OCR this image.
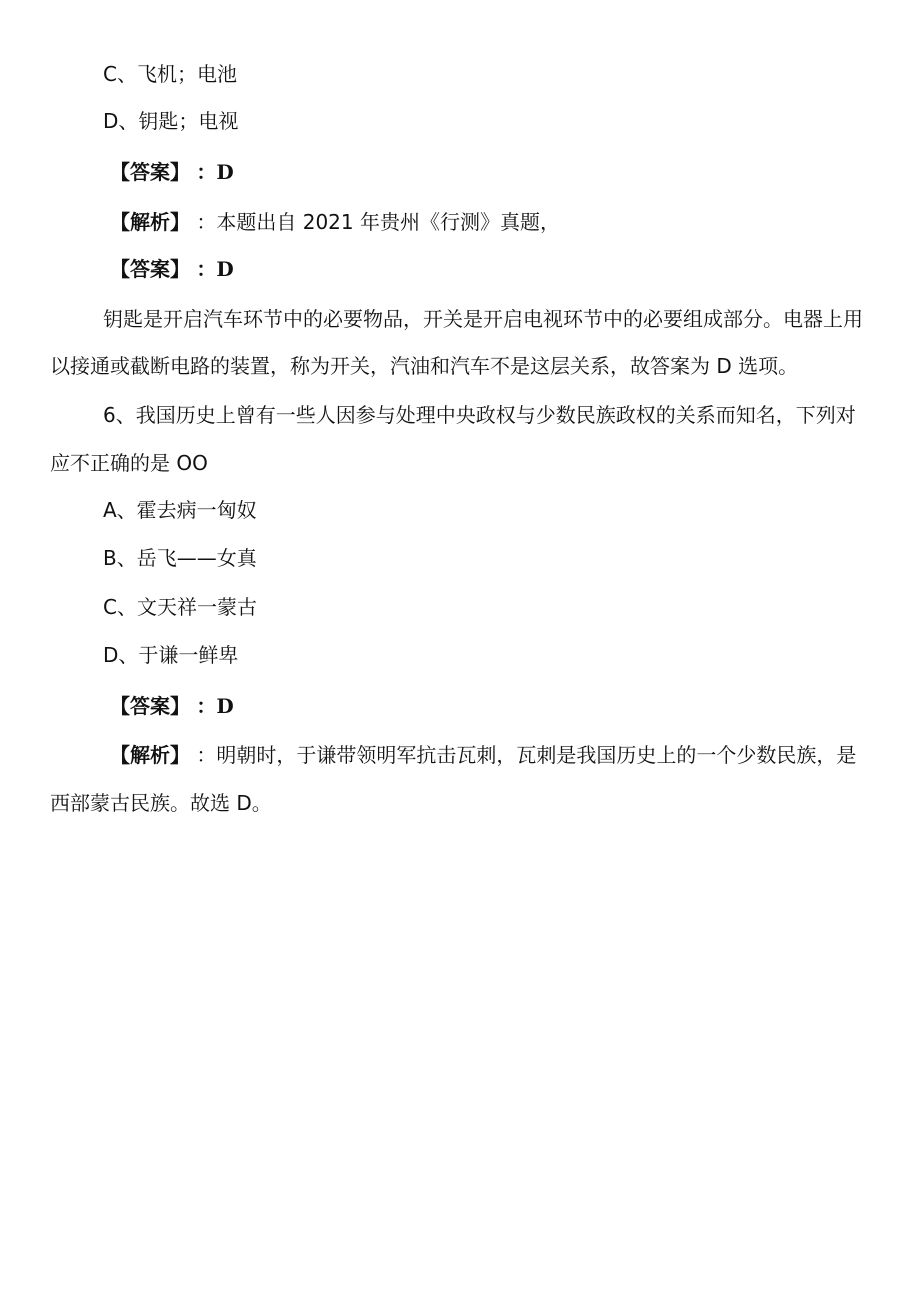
C、飞机；电池
D、钥匙；电视
【答案】 ：D
【解析】 ：本题出自 2021 年贵州《行测》真题，
【答案】 ：D
钥匙是开启汽车环节中的必要物品，开关是开启电视环节中的必要组成部分。电器上用
以接通或截断电路的装置，称为开关，汽油和汽车不是这层关系，故答案为 D 选项。
6、我国历史上曾有一些人因参与处理中央政权与少数民族政权的关系而知名，下列对
应不正确的是 OO
A、霍去病一匈奴
B、岳飞——女真
C、文天祥一蒙古
D、于谦一鲜卑
【答案】 ：D
【解析】 ：明朝时，于谦带领明军抗击瓦刺，瓦刺是我国历史上的一个少数民族，是
西部蒙古民族。故选 D。
